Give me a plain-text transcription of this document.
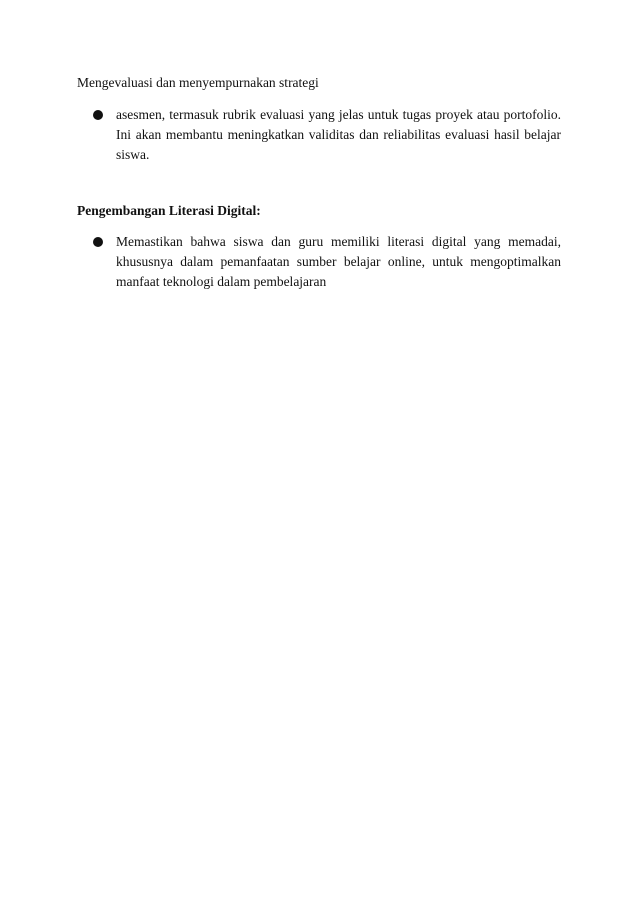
Mengevaluasi dan menyempurnakan strategi

asesmen, termasuk rubrik evaluasi yang jelas untuk tugas proyek atau portofolio. Ini akan membantu meningkatkan validitas dan reliabilitas evaluasi hasil belajar siswa.

Pengembangan Literasi Digital:

Memastikan bahwa siswa dan guru memiliki literasi digital yang memadai, khususnya dalam pemanfaatan sumber belajar online, untuk mengoptimalkan manfaat teknologi dalam pembelajaran
